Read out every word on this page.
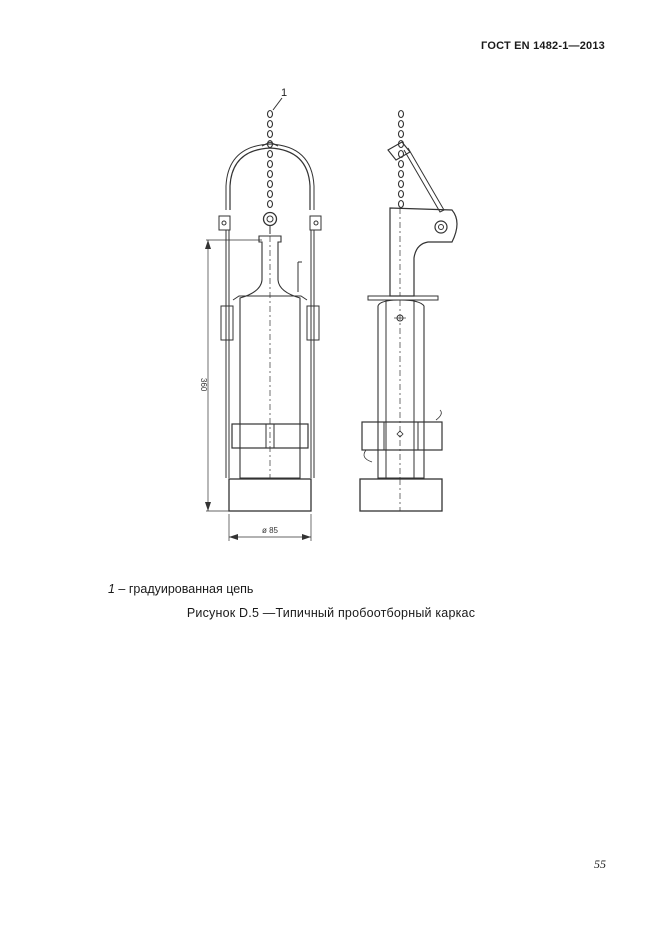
ГОСТ EN 1482-1—2013
1
360
ø 85
1 – градуированная цепь
Рисунок D.5 —Типичный пробоотборный каркас
55
